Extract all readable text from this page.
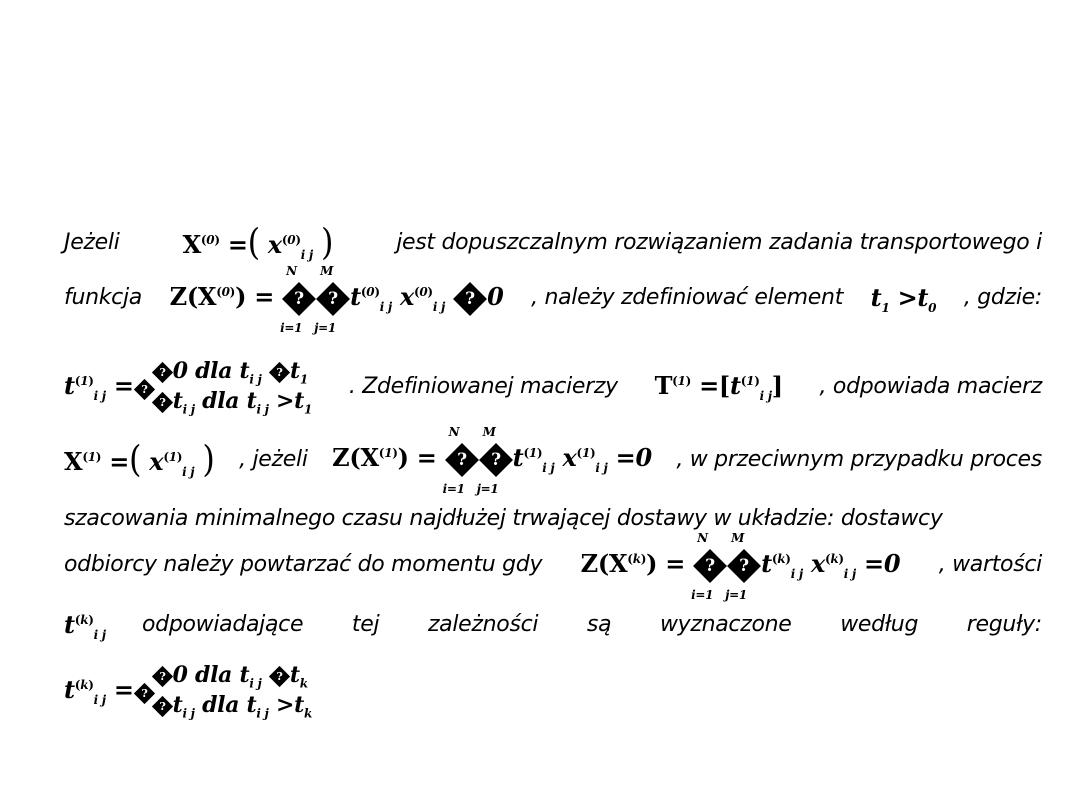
Jeżeli	$X^{(0)}$ =( $x^{(0)}_{i j}$ )	jest dopuszczalnym rozwiązaniem zadania transportowego i
funkcja $Z(X^{(0)})$ =	?
N
i=1
?
M
j=1
$t^{(0)}_{i j}$ $x^{(0)}_{i j}$	? 0 , należy zdefiniować element $t_1 >t_0$ , gdzie:
$t^{(1)}_{i j}$ =	? 0 dla $t_{i j}$
? $t_1$
? $t_{i j}$ dla $t_{i j} >t_1$
?	. Zdefiniowanej macierzy $T^{(1)} =[t^{(1)}_{i j}]$ , odpowiada macierz
$X^{(1)}$ =( $x^{(1)}_{i j}$ ) , jeżeli $Z(X^{(1)})$ =	?
N
i=1
?
M
j=1
$t^{(1)}_{i j}$ $x^{(1)}_{i j} =0$ , w przeciwnym przypadku proces
szacowania minimalnego czasu najdłużej trwającej dostawy w układzie: dostawcy
odbiorcy należy powtarzać do momentu gdy $Z(X^{(k)})$ =	?
N
i=1
?
M
j=1
$t^{(k)}_{i j}$ $x^{(k)}_{i j} =0$ , wartości
$t^{(k)}_{i j}$ odpowiadające tej zależności są wyznaczone według reguły:
$t^{(k)}_{i j}$ =	? 0 dla $t_{i j}$
? $t_k$
? $t_{i j}$ dla $t_{i j} >t_k$
?
